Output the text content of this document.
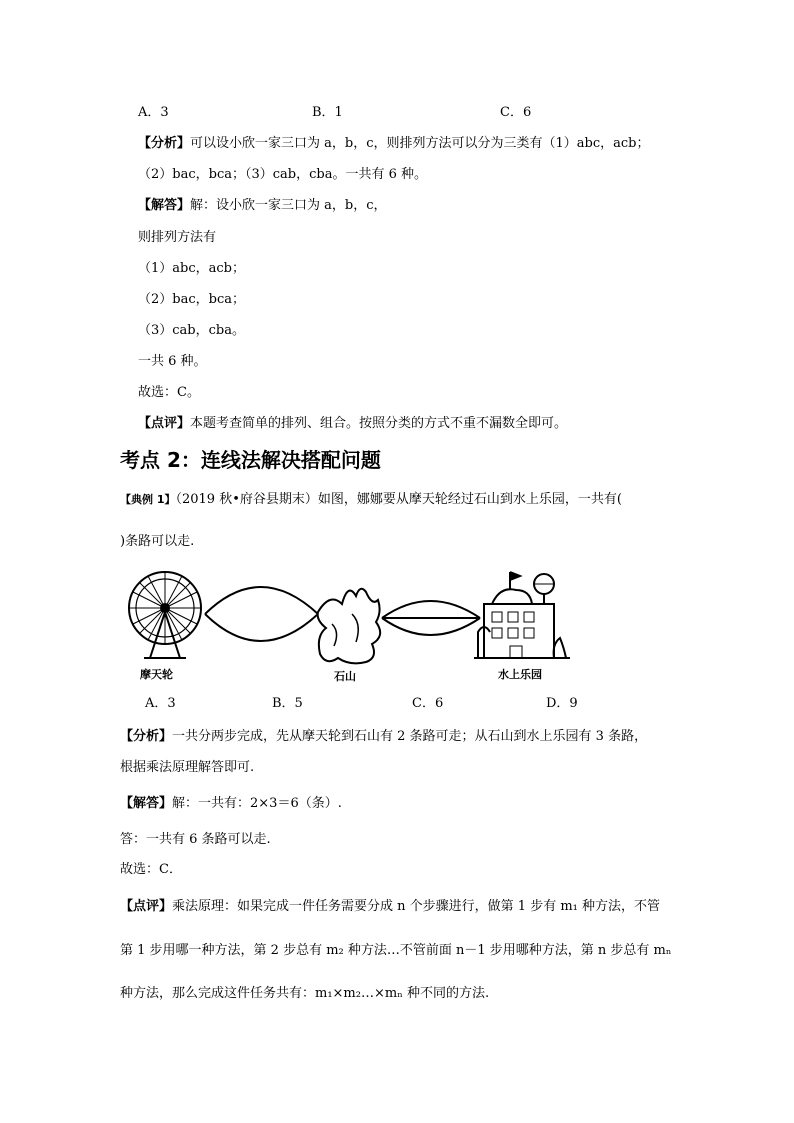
A．3	B．1	C．6
【分析】可以设小欣一家三口为 a，b，c，则排列方法可以分为三类有（1）abc，acb；
（2）bac，bca；（3）cab，cba。一共有 6 种。
【解答】解：设小欣一家三口为 a，b，c，
则排列方法有
（1）abc，acb；
（2）bac，bca；
（3）cab，cba。
一共 6 种。
故选：C。
【点评】本题考查简单的排列、组合。按照分类的方式不重不漏数全即可。
考点 2：连线法解决搭配问题
【典例 1】（2019 秋•府谷县期末）如图，娜娜要从摩天轮经过石山到水上乐园，一共有(
)条路可以走.
摩天轮	石山	水上乐园
A．3	B．5	C．6	D．9
【分析】一共分两步完成，先从摩天轮到石山有 2 条路可走；从石山到水上乐园有 3 条路，
根据乘法原理解答即可.
【解答】解：一共有：2×3＝6（条）.
答：一共有 6 条路可以走.
故选：C．
【点评】乘法原理：如果完成一件任务需要分成 n 个步骤进行，做第 1 步有 m₁ 种方法，不管
第 1 步用哪一种方法，第 2 步总有 m₂ 种方法…不管前面 n－1 步用哪种方法，第 n 步总有 mₙ
种方法，那么完成这件任务共有：m₁×m₂…×mₙ 种不同的方法.
